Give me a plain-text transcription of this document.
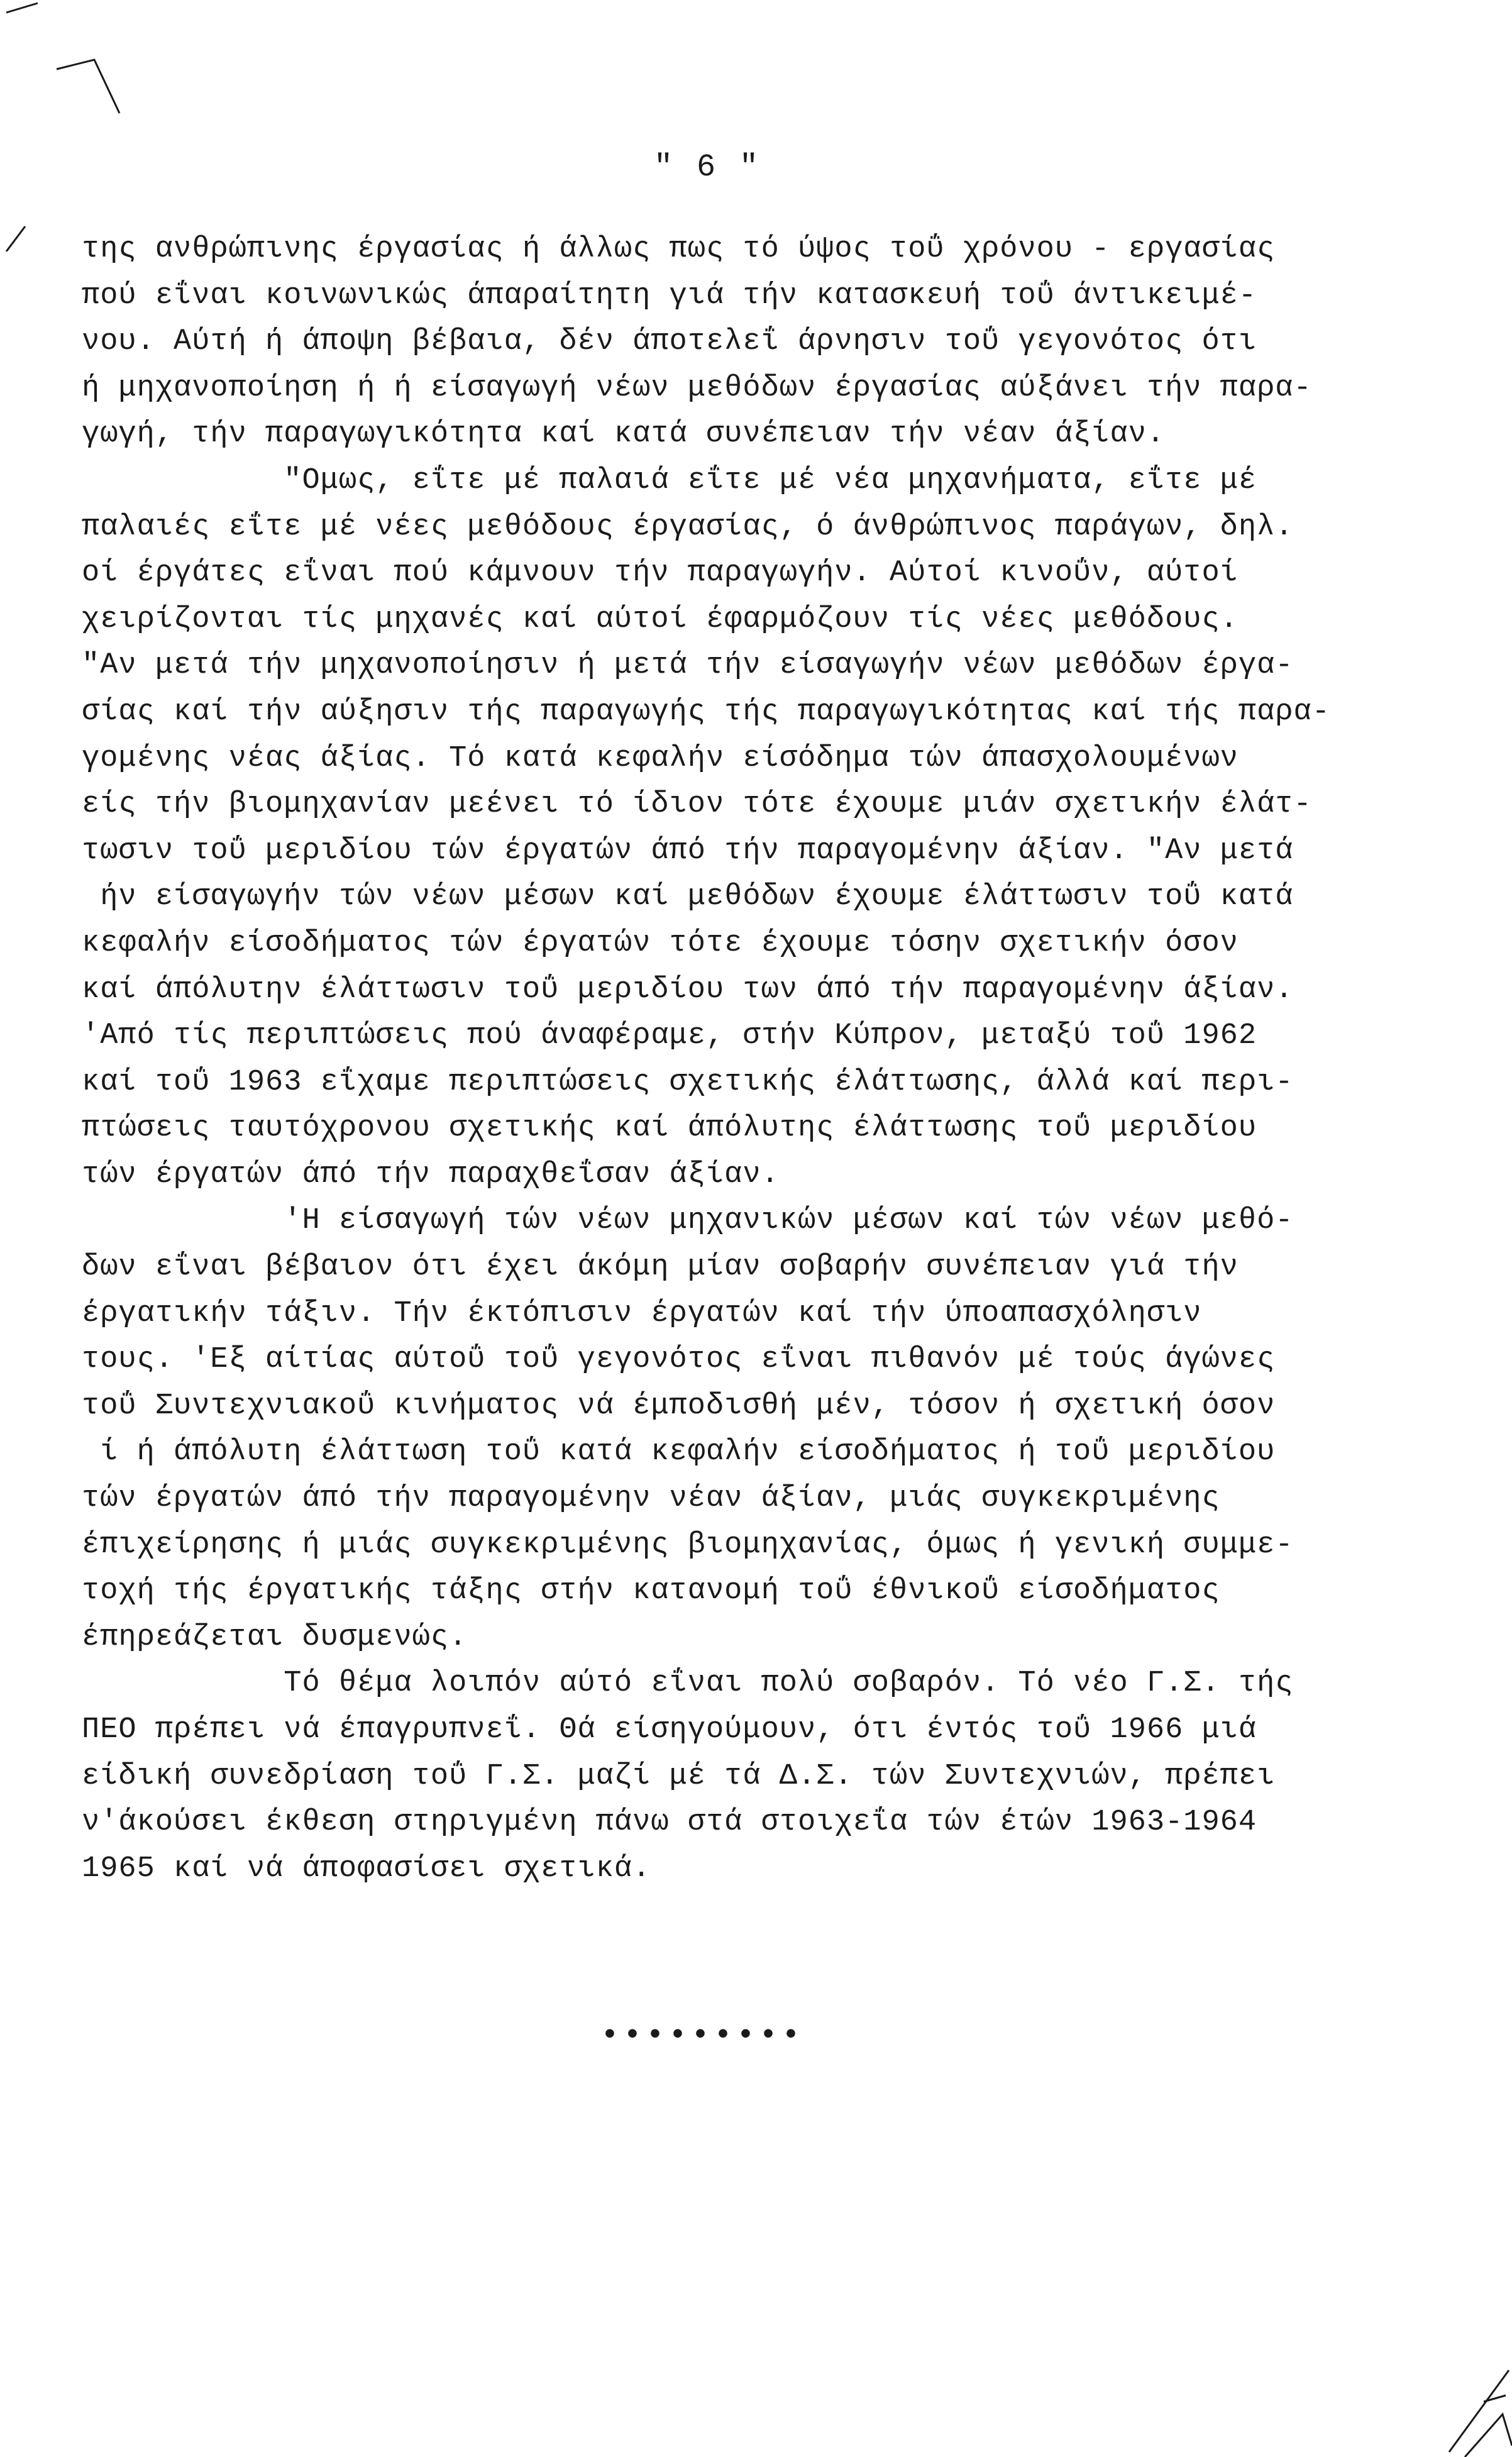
" 6 "
της ανθρώπινης έργασίας ή άλλως πως τό ύψος τοΰ χρόνου - εργασίας
πού εΐναι κοινωνικώς άπαραίτητη γιά τήν κατασκευή τοΰ άντικειμέ-
νου. Αύτή ή άποψη βέβαια, δέν άποτελεΐ άρνησιν τοΰ γεγονότος ότι
ή μηχανοποίηση ή ή είσαγωγή νέων μεθόδων έργασίας αύξάνει τήν παρα-
γωγή, τήν παραγωγικότητα καί κατά συνέπειαν τήν νέαν άξίαν.
"Ομως, εΐτε μέ παλαιά εΐτε μέ νέα μηχανήματα, εΐτε μέ
παλαιές εΐτε μέ νέες μεθόδους έργασίας, ό άνθρώπινος παράγων, δηλ.
οί έργάτες εΐναι πού κάμνουν τήν παραγωγήν. Αύτοί κινοΰν, αύτοί
χειρίζονται τίς μηχανές καί αύτοί έφαρμόζουν τίς νέες μεθόδους.
"Αν μετά τήν μηχανοποίησιν ή μετά τήν είσαγωγήν νέων μεθόδων έργα-
σίας καί τήν αύξησιν τής παραγωγής τής παραγωγικότητας καί τής παρα-
γομένης νέας άξίας. Τό κατά κεφαλήν είσόδημα τών άπασχολουμένων
είς τήν βιομηχανίαν μεένει τό ίδιον τότε έχουμε μιάν σχετικήν έλάτ-
τωσιν τοΰ μεριδίου τών έργατών άπό τήν παραγομένην άξίαν. "Αν μετά
ήν είσαγωγήν τών νέων μέσων καί μεθόδων έχουμε έλάττωσιν τοΰ κατά
κεφαλήν είσοδήματος τών έργατών τότε έχουμε τόσην σχετικήν όσον
καί άπόλυτην έλάττωσιν τοΰ μεριδίου των άπό τήν παραγομένην άξίαν.
'Από τίς περιπτώσεις πού άναφέραμε, στήν Κύπρον, μεταξύ τοΰ 1962
καί τοΰ 1963 εΐχαμε περιπτώσεις σχετικής έλάττωσης, άλλά καί περι-
πτώσεις ταυτόχρονου σχετικής καί άπόλυτης έλάττωσης τοΰ μεριδίου
τών έργατών άπό τήν παραχθεΐσαν άξίαν.
'Η είσαγωγή τών νέων μηχανικών μέσων καί τών νέων μεθό-
δων εΐναι βέβαιον ότι έχει άκόμη μίαν σοβαρήν συνέπειαν γιά τήν
έργατικήν τάξιν. Τήν έκτόπισιν έργατών καί τήν ύποαπασχόλησιν
τους. 'Εξ αίτίας αύτοΰ τοΰ γεγονότος εΐναι πιθανόν μέ τούς άγώνες
τοΰ Συντεχνιακοΰ κινήματος νά έμποδισθή μέν, τόσον ή σχετική όσον
ί ή άπόλυτη έλάττωση τοΰ κατά κεφαλήν είσοδήματος ή τοΰ μεριδίου
τών έργατών άπό τήν παραγομένην νέαν άξίαν, μιάς συγκεκριμένης
έπιχείρησης ή μιάς συγκεκριμένης βιομηχανίας, όμως ή γενική συμμε-
τοχή τής έργατικής τάξης στήν κατανομή τοΰ έθνικοΰ είσοδήματος
έπηρεάζεται δυσμενώς.
Τό θέμα λοιπόν αύτό εΐναι πολύ σοβαρόν. Τό νέο Γ.Σ. τής
ΠΕΟ πρέπει νά έπαγρυπνεΐ. Θά είσηγούμουν, ότι έντός τοΰ 1966 μιά
είδική συνεδρίαση τοΰ Γ.Σ. μαζί μέ τά Δ.Σ. τών Συντεχνιών, πρέπει
ν'άκούσει έκθεση στηριγμένη πάνω στά στοιχεΐα τών έτών 1963-1964
1965 καί νά άποφασίσει σχετικά.
•••••••••
